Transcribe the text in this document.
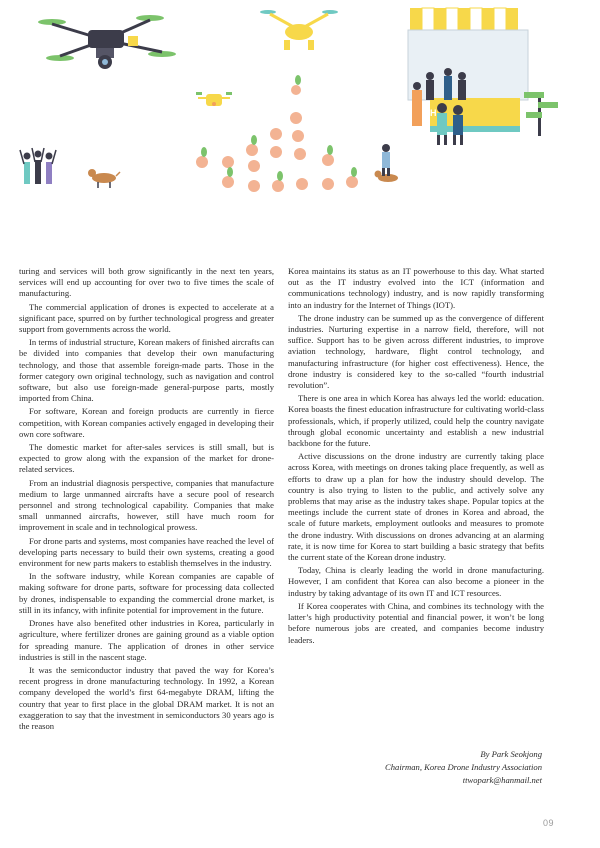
SH

turing and services will both grow significantly in the next ten years, services will end up accounting for over two to five times the scale of manufacturing.

The commercial application of drones is expected to accelerate at a significant pace, spurred on by further technological progress and greater support from governments across the world.

In terms of industrial structure, Korean makers of finished aircrafts can be divided into companies that develop their own manufacturing technology, and those that assemble foreign-made parts. Those in the former category own original technology, such as navigation and control software, but also use foreign-made general-purpose parts, mostly imported from China.

For software, Korean and foreign products are currently in fierce competition, with Korean companies actively engaged in developing their own core software.

The domestic market for after-sales services is still small, but is expected to grow along with the expansion of the market for drone-related services.

From an industrial diagnosis perspective, companies that manufacture medium to large unmanned aircrafts have a secure pool of research personnel and strong technological capability. Companies that make small unmanned aircrafts, however, still have much room for improvement in scale and in technological prowess.

For drone parts and systems, most companies have reached the level of developing parts necessary to build their own systems, creating a good environment for new parts makers to establish themselves in the industry.

In the software industry, while Korean companies are capable of making software for drone parts, software for processing data collected by drones, indispensable to expanding the commercial drone market, is still in its infancy, with infinite potential for improvement in the future.

Drones have also benefited other industries in Korea, particularly in agriculture, where fertilizer drones are gaining ground as a viable option for spreading manure. The application of drones in other service industries is still in the nascent stage.

It was the semiconductor industry that paved the way for Korea’s recent progress in drone manufacturing technology. In 1992, a Korean company developed the world’s first 64-megabyte DRAM, lifting the country that year to first place in the global DRAM market. It is not an exaggeration to say that the investment in semiconductors 30 years ago is the reason

Korea maintains its status as an IT powerhouse to this day. What started out as the IT industry evolved into the ICT (information and communications technology) industry, and is now rapidly transforming into an industry for the Internet of Things (IOT).

The drone industry can be summed up as the convergence of different industries. Nurturing expertise in a narrow field, therefore, will not suffice. Support has to be given across different industries, to improve aviation technology, hardware, flight control technology, and manufacturing infrastructure (for higher cost effectiveness). Hence, the drone industry is considered key to the so-called “fourth industrial revolution”.

There is one area in which Korea has always led the world: education. Korea boasts the finest education infrastructure for cultivating world-class professionals, which, if properly utilized, could help the country navigate through global economic uncertainty and establish a new industrial backbone for the future.

Active discussions on the drone industry are currently taking place across Korea, with meetings on drones taking place frequently, as well as efforts to draw up a plan for how the industry should develop. The country is also trying to listen to the public, and actively solve any problems that may arise as the industry takes shape. Popular topics at the meetings include the current state of drones in Korea and abroad, the scale of future markets, employment outlooks and measures to promote the drone industry. With discussions on drones advancing at an alarming rate, it is now time for Korea to start building a basic strategy that befits the current state of the Korean drone industry.

Today, China is clearly leading the world in drone manufacturing. However, I am confident that Korea can also become a pioneer in the industry by taking advantage of its own IT and ICT resources.

If Korea cooperates with China, and combines its technology with the latter’s high productivity potential and financial power, it won’t be long before numerous jobs are created, and companies become industry leaders.

By Park Seokjong
Chairman, Korea Drone Industry Association
ttwopark@hanmail.net
09
